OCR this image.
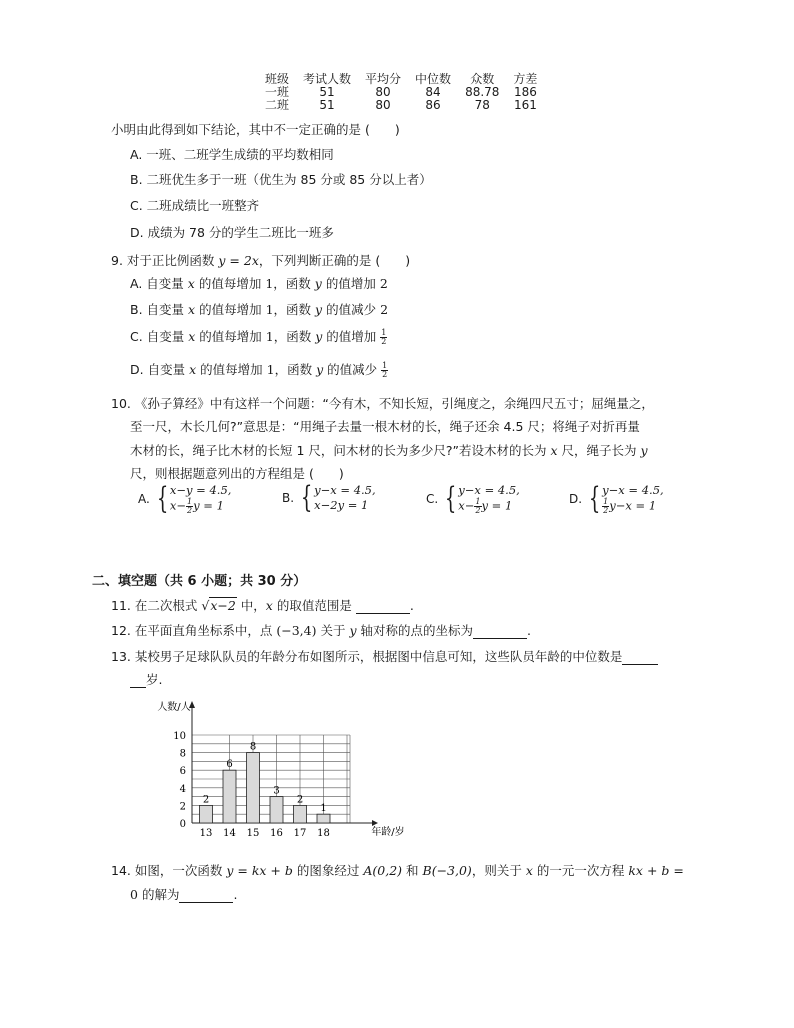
班级	考试人数	平均分	中位数	众数	方差
一班	51	80	84	88.78	186
二班	51	80	86	78	161
小明由此得到如下结论，其中不一定正确的是 (　　)
A. 一班、二班学生成绩的平均数相同
B. 二班优生多于一班（优生为 85 分或 85 分以上者）
C. 二班成绩比一班整齐
D. 成绩为 78 分的学生二班比一班多
9. 对于正比例函数 y = 2x，下列判断正确的是 (　　)
A. 自变量 x 的值每增加 1，函数 y 的值增加 2
B. 自变量 x 的值每增加 1，函数 y 的值减少 2
C. 自变量 x 的值每增加 1，函数 y 的值增加 $\frac{1}{2}$
D. 自变量 x 的值每增加 1，函数 y 的值减少 $\frac{1}{2}$
10. 《孙子算经》中有这样一个问题：“今有木，不知长短，引绳度之，余绳四尺五寸；屈绳量之，
至一尺，木长几何?”意思是：“用绳子去量一根木材的长，绳子还余 4.5 尺；将绳子对折再量
木材的长，绳子比木材的长短 1 尺，问木材的长为多少尺?”若设木材的长为 x 尺，绳子长为 y
尺，则根据题意列出的方程组是 (　　)
A. { x−y = 4.5,
$x- \frac{1}{2}$ y = 1
B. { y−x = 4.5,
x−2y = 1	C. { y−x = 4.5,
$x- \frac{1}{2}$ y = 1	D. { y−x = 4.5,
$\frac{1}{2} y-x = 1$
二、填空题（共 6 小题；共 30 分）
11. 在二次根式 √x−2 中，x 的取值范围是	.
12. 在平面直角坐标系中，点 (−3,4) 关于 y 轴对称的点的坐标为	.
13. 某校男子足球队队员的年龄分布如图所示，根据图中信息可知，这些队员年龄的中位数是
岁.
0
2
4
6
8
10
2
13
6
14
8
15
3
16
2
17
1
18
人数/人
年龄/岁
14. 如图，一次函数 y = kx + b 的图象经过 A(0,2) 和 B(−3,0)，则关于 x 的一元一次方程 kx + b =
0 的解为	.
